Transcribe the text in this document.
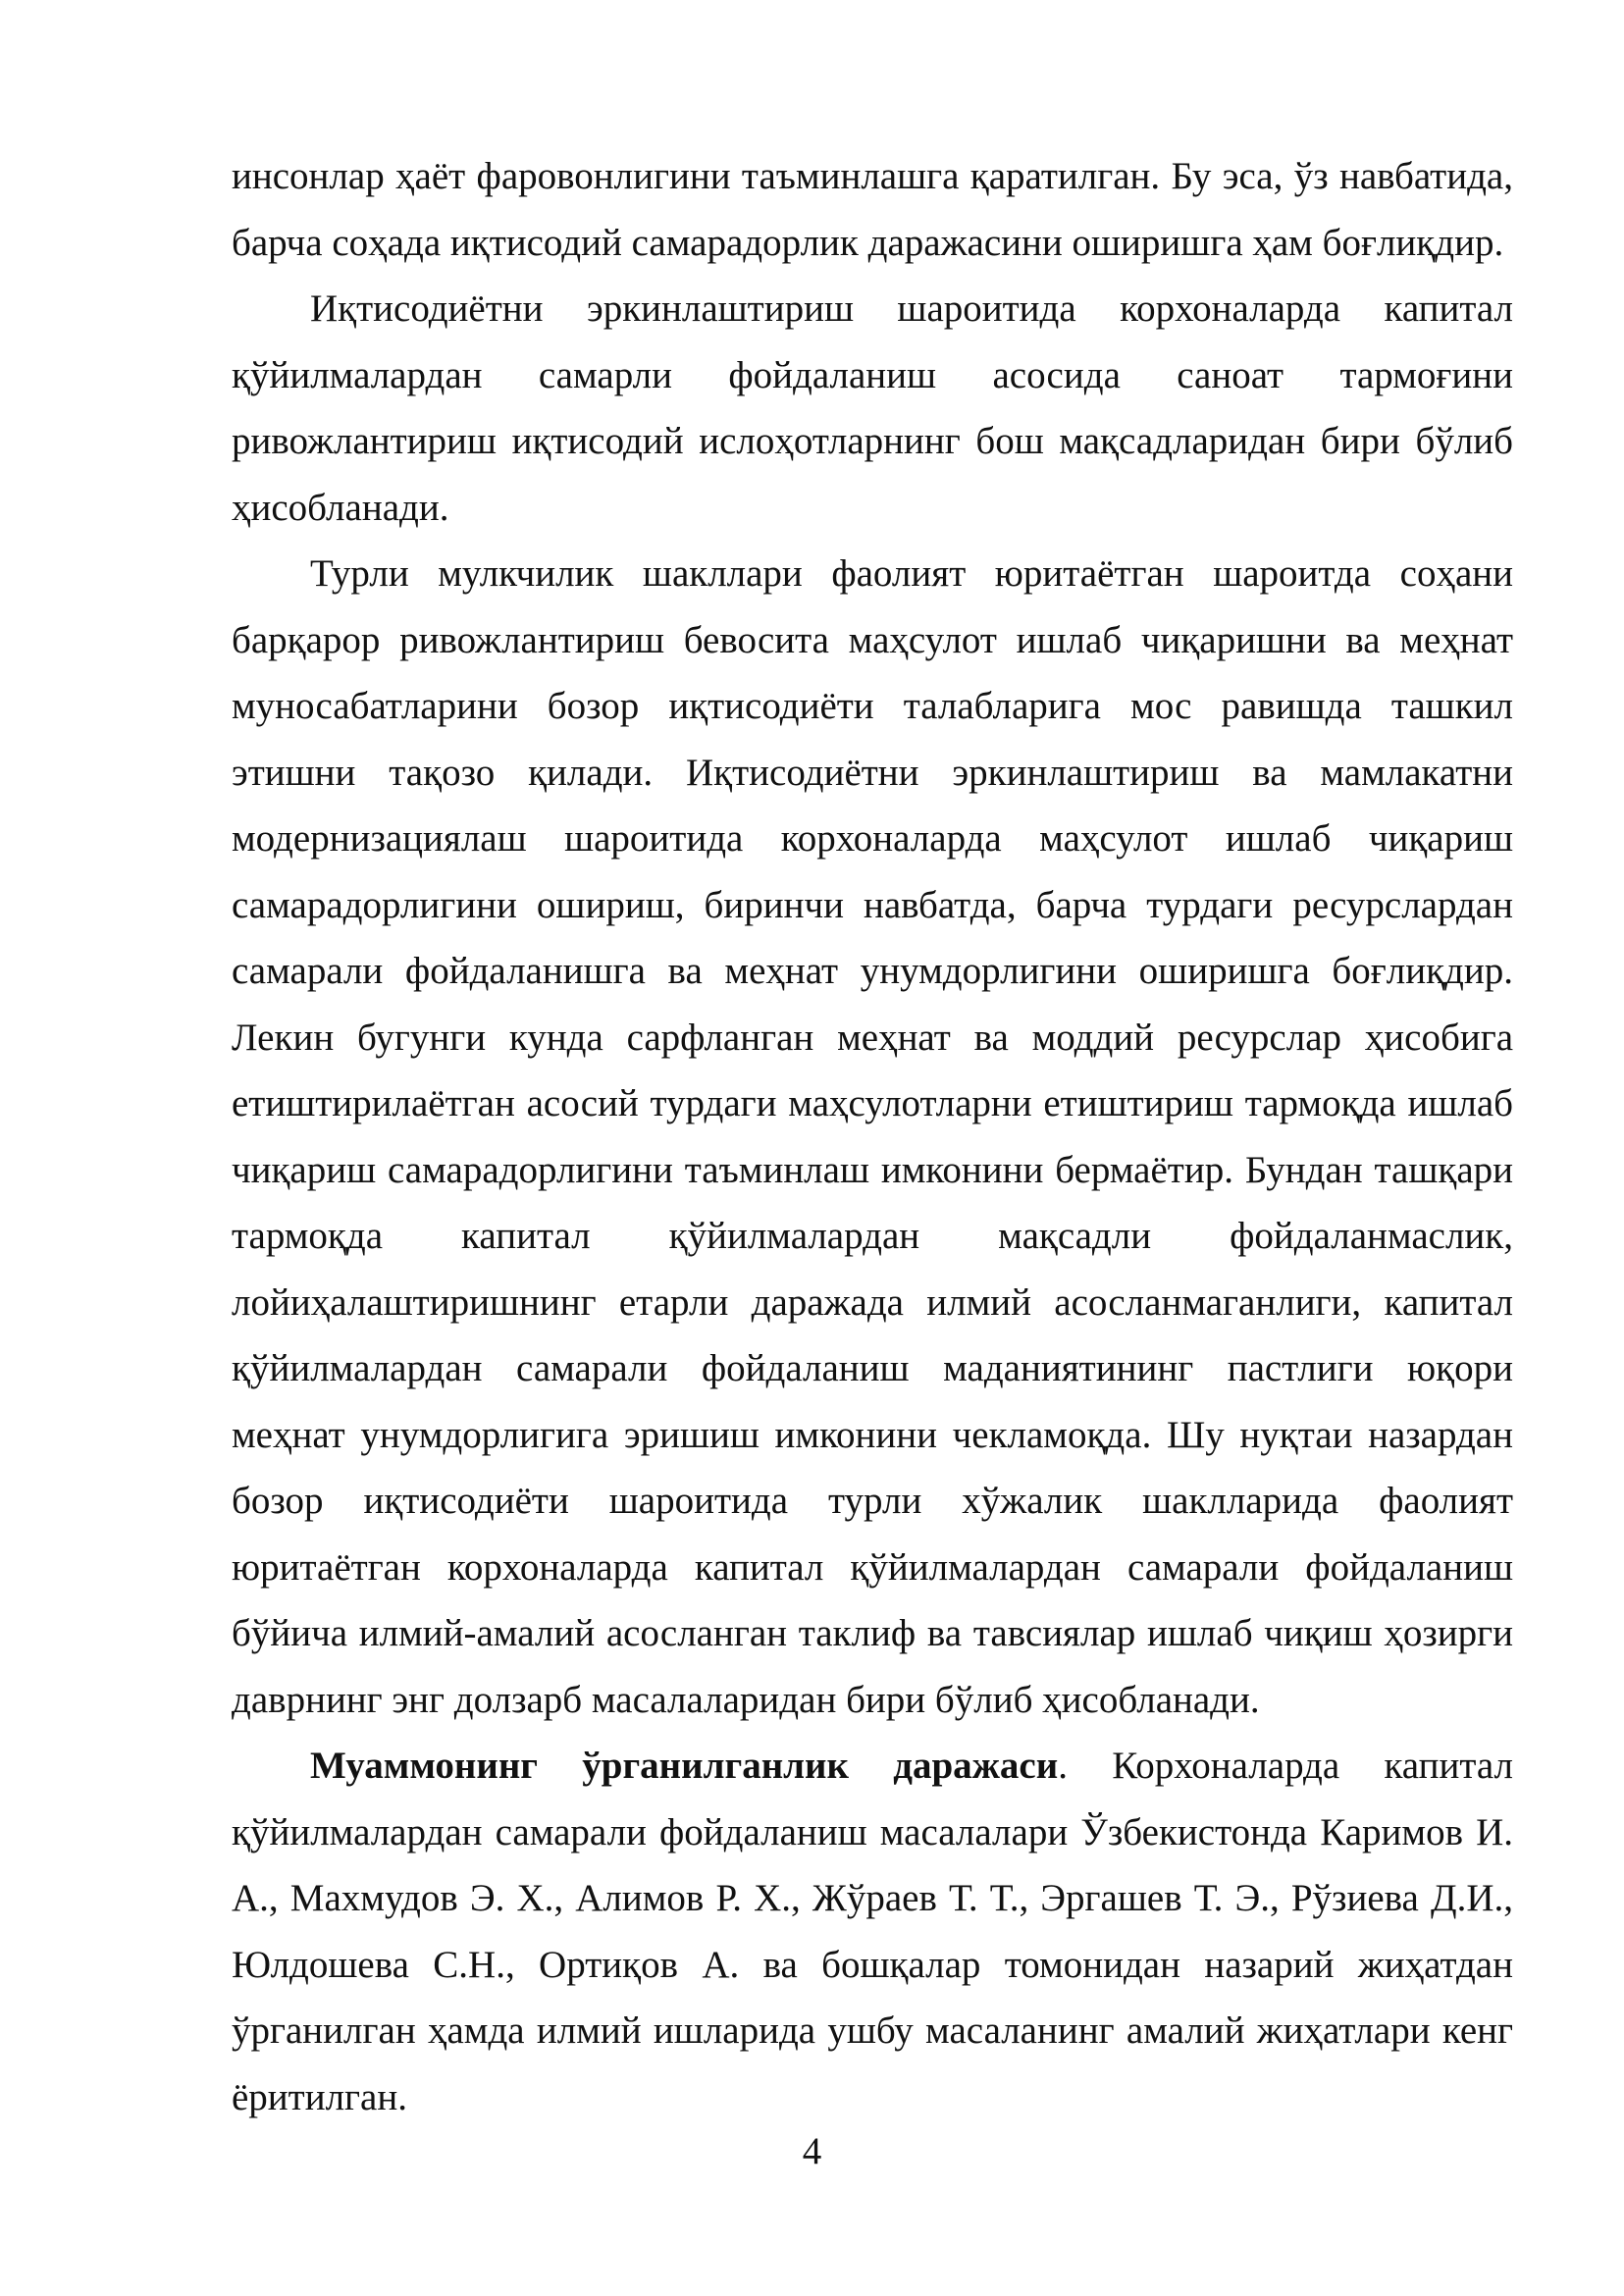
инсонлар ҳаёт фаровонлигини таъминлашга қаратилган. Бу эса, ўз навбатида, барча соҳада иқтисодий самарадорлик даражасини оширишга ҳам боғлиқдир.

Иқтисодиётни эркинлаштириш шароитида корхоналарда капитал қўйилмалардан самарли фойдаланиш асосида саноат тармоғини ривожлантириш иқтисодий ислоҳотларнинг бош мақсадларидан бири бўлиб ҳисобланади.

Турли мулкчилик шакллари фаолият юритаётган шароитда соҳани барқарор ривожлантириш бевосита маҳсулот ишлаб чиқаришни ва меҳнат муносабатларини бозор иқтисодиёти талабларига мос равишда ташкил этишни тақозо қилади. Иқтисодиётни эркинлаштириш ва мамлакатни модернизациялаш шароитида корхоналарда маҳсулот ишлаб чиқариш самарадорлигини ошириш, биринчи навбатда, барча турдаги ресурслардан самарали фойдаланишга ва меҳнат унумдорлигини оширишга боғлиқдир. Лекин бугунги кунда сарфланган меҳнат ва моддий ресурслар ҳисобига етиштирилаётган асосий турдаги маҳсулотларни етиштириш тармоқда ишлаб чиқариш самарадорлигини таъминлаш имконини бермаётир. Бундан ташқари тармоқда капитал қўйилмалардан мақсадли фойдаланмаслик, лойиҳалаштиришнинг етарли даражада илмий асосланмаганлиги, капитал қўйилмалардан самарали фойдаланиш маданиятининг пастлиги юқори меҳнат унумдорлигига эришиш имконини чекламоқда. Шу нуқтаи назардан бозор иқтисодиёти шароитида турли хўжалик шаклларида фаолият юритаётган корхоналарда капитал қўйилмалардан самарали фойдаланиш бўйича илмий-амалий асосланган таклиф ва тавсиялар ишлаб чиқиш ҳозирги даврнинг энг долзарб масалаларидан бири бўлиб ҳисобланади.

Муаммонинг ўрганилганлик даражаси. Корхоналарда капитал қўйилмалардан самарали фойдаланиш масалалари Ўзбекистонда Каримов И. А., Махмудов Э. Х., Алимов Р. Х., Жўраев Т. Т., Эргашев Т. Э., Рўзиева Д.И., Юлдошева С.Н., Ортиқов А. ва бошқалар томонидан назарий жиҳатдан ўрганилган ҳамда илмий ишларида ушбу масаланинг амалий жиҳатлари кенг ёритилган.

4
